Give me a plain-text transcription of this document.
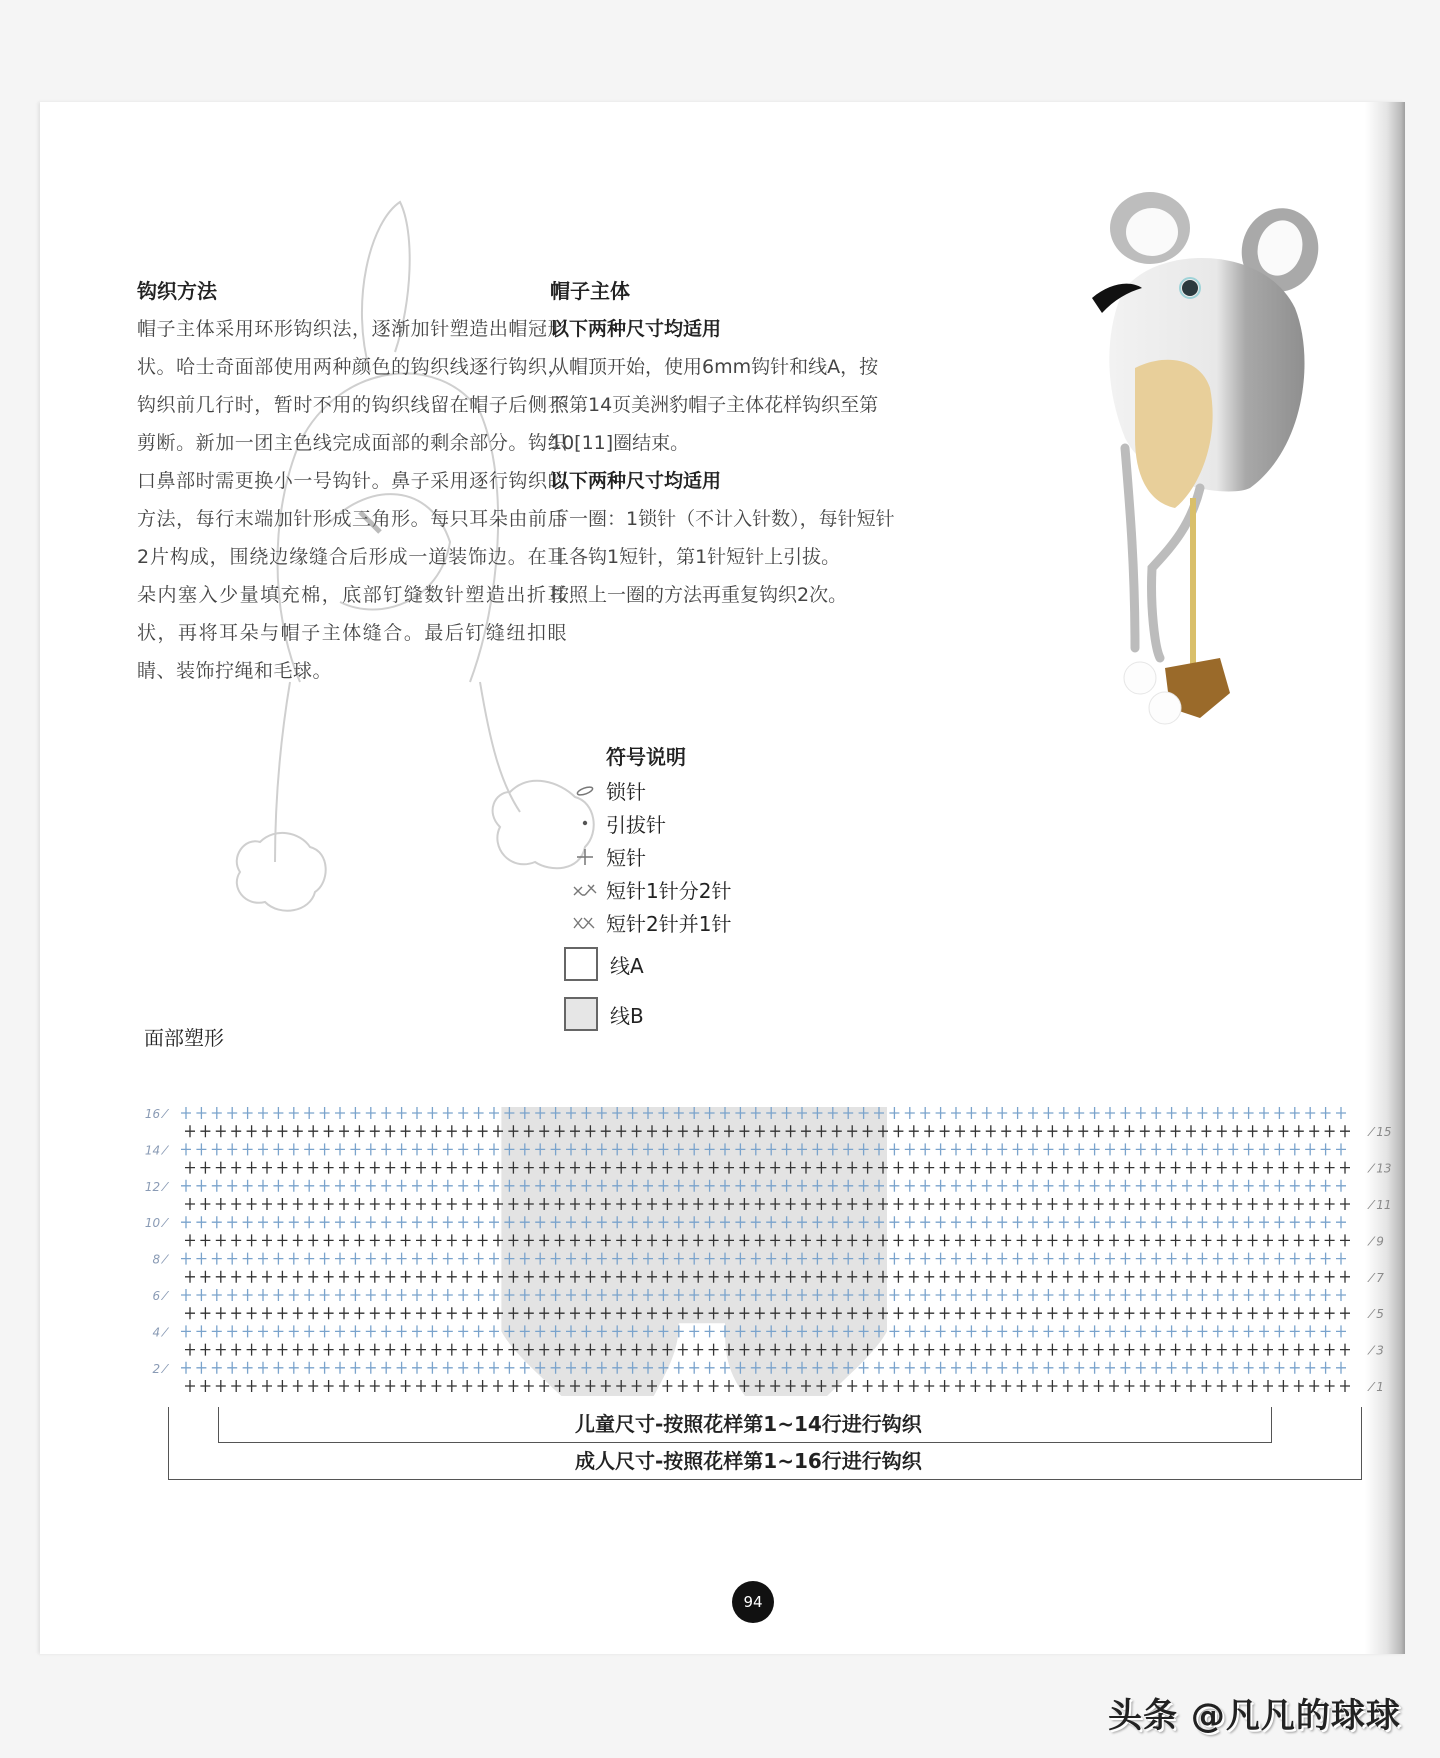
钩织方法
帽子主体采用环形钩织法，逐渐加针塑造出帽冠形状。哈士奇面部使用两种颜色的钩织线逐行钩织，钩织前几行时，暂时不用的钩织线留在帽子后侧不剪断。新加一团主色线完成面部的剩余部分。钩织口鼻部时需更换小一号钩针。鼻子采用逐行钩织的方法，每行末端加针形成三角形。每只耳朵由前后2片构成，围绕边缘缝合后形成一道装饰边。在耳朵内塞入少量填充棉，底部钉缝数针塑造出折耳状，再将耳朵与帽子主体缝合。最后钉缝纽扣眼睛、装饰拧绳和毛球。
帽子主体
以下两种尺寸均适用
从帽顶开始，使用6mm钩针和线A，按
照第14页美洲豹帽子主体花样钩织至第
10[11]圈结束。
以下两种尺寸均适用
下一圈：1锁针（不计入针数），每针短针
上各钩1短针，第1针短针上引拔。
按照上一圈的方法再重复钩织2次。
符号说明
锁针
引拔针
短针
短针1针分2针
短针2针并1针
线A
线B
面部塑形
16 ⁄
14 ⁄
12 ⁄
10 ⁄
8 ⁄
6 ⁄
4 ⁄
2 ⁄
⁄ 15
⁄ 13
⁄ 11
⁄ 9
⁄ 7
⁄ 5
⁄ 3
⁄ 1
儿童尺寸-按照花样第1~14行进行钩织
成人尺寸-按照花样第1~16行进行钩织
94
头条 @凡凡的球球
